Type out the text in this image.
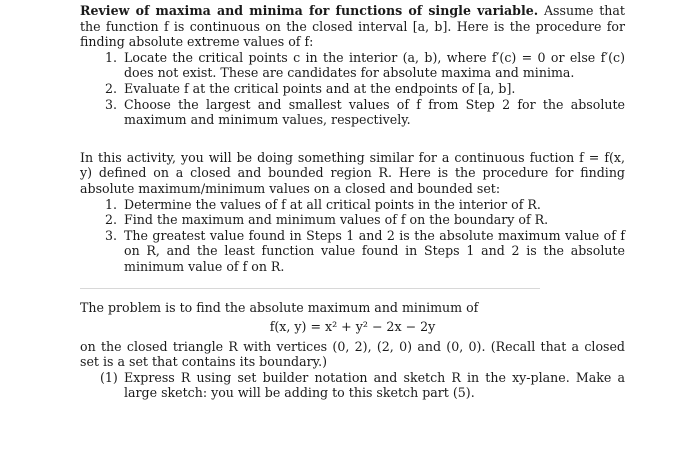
Review of maxima and minima for functions of single variable. Assume that the function f is continuous on the closed interval [a, b]. Here is the procedure for finding absolute extreme values of f:

1. Locate the critical points c in the interior (a, b), where f′(c) = 0 or else f′(c) does not exist. These are candidates for absolute maxima and minima.
2. Evaluate f at the critical points and at the endpoints of [a, b].
3. Choose the largest and smallest values of f from Step 2 for the absolute maximum and minimum values, respectively.

In this activity, you will be doing something similar for a continuous fuction f = f(x, y) defined on a closed and bounded region R. Here is the procedure for finding absolute maximum/minimum values on a closed and bounded set:

1. Determine the values of f at all critical points in the interior of R.
2. Find the maximum and minimum values of f on the boundary of R.
3. The greatest value found in Steps 1 and 2 is the absolute maximum value of f on R, and the least function value found in Steps 1 and 2 is the absolute minimum value of f on R.

The problem is to find the absolute maximum and minimum of

f(x, y) = x² + y² − 2x − 2y

on the closed triangle R with vertices (0, 2), (2, 0) and (0, 0). (Recall that a closed set is a set that contains its boundary.)

(1) Express R using set builder notation and sketch R in the xy-plane. Make a large sketch: you will be adding to this sketch part (5).
